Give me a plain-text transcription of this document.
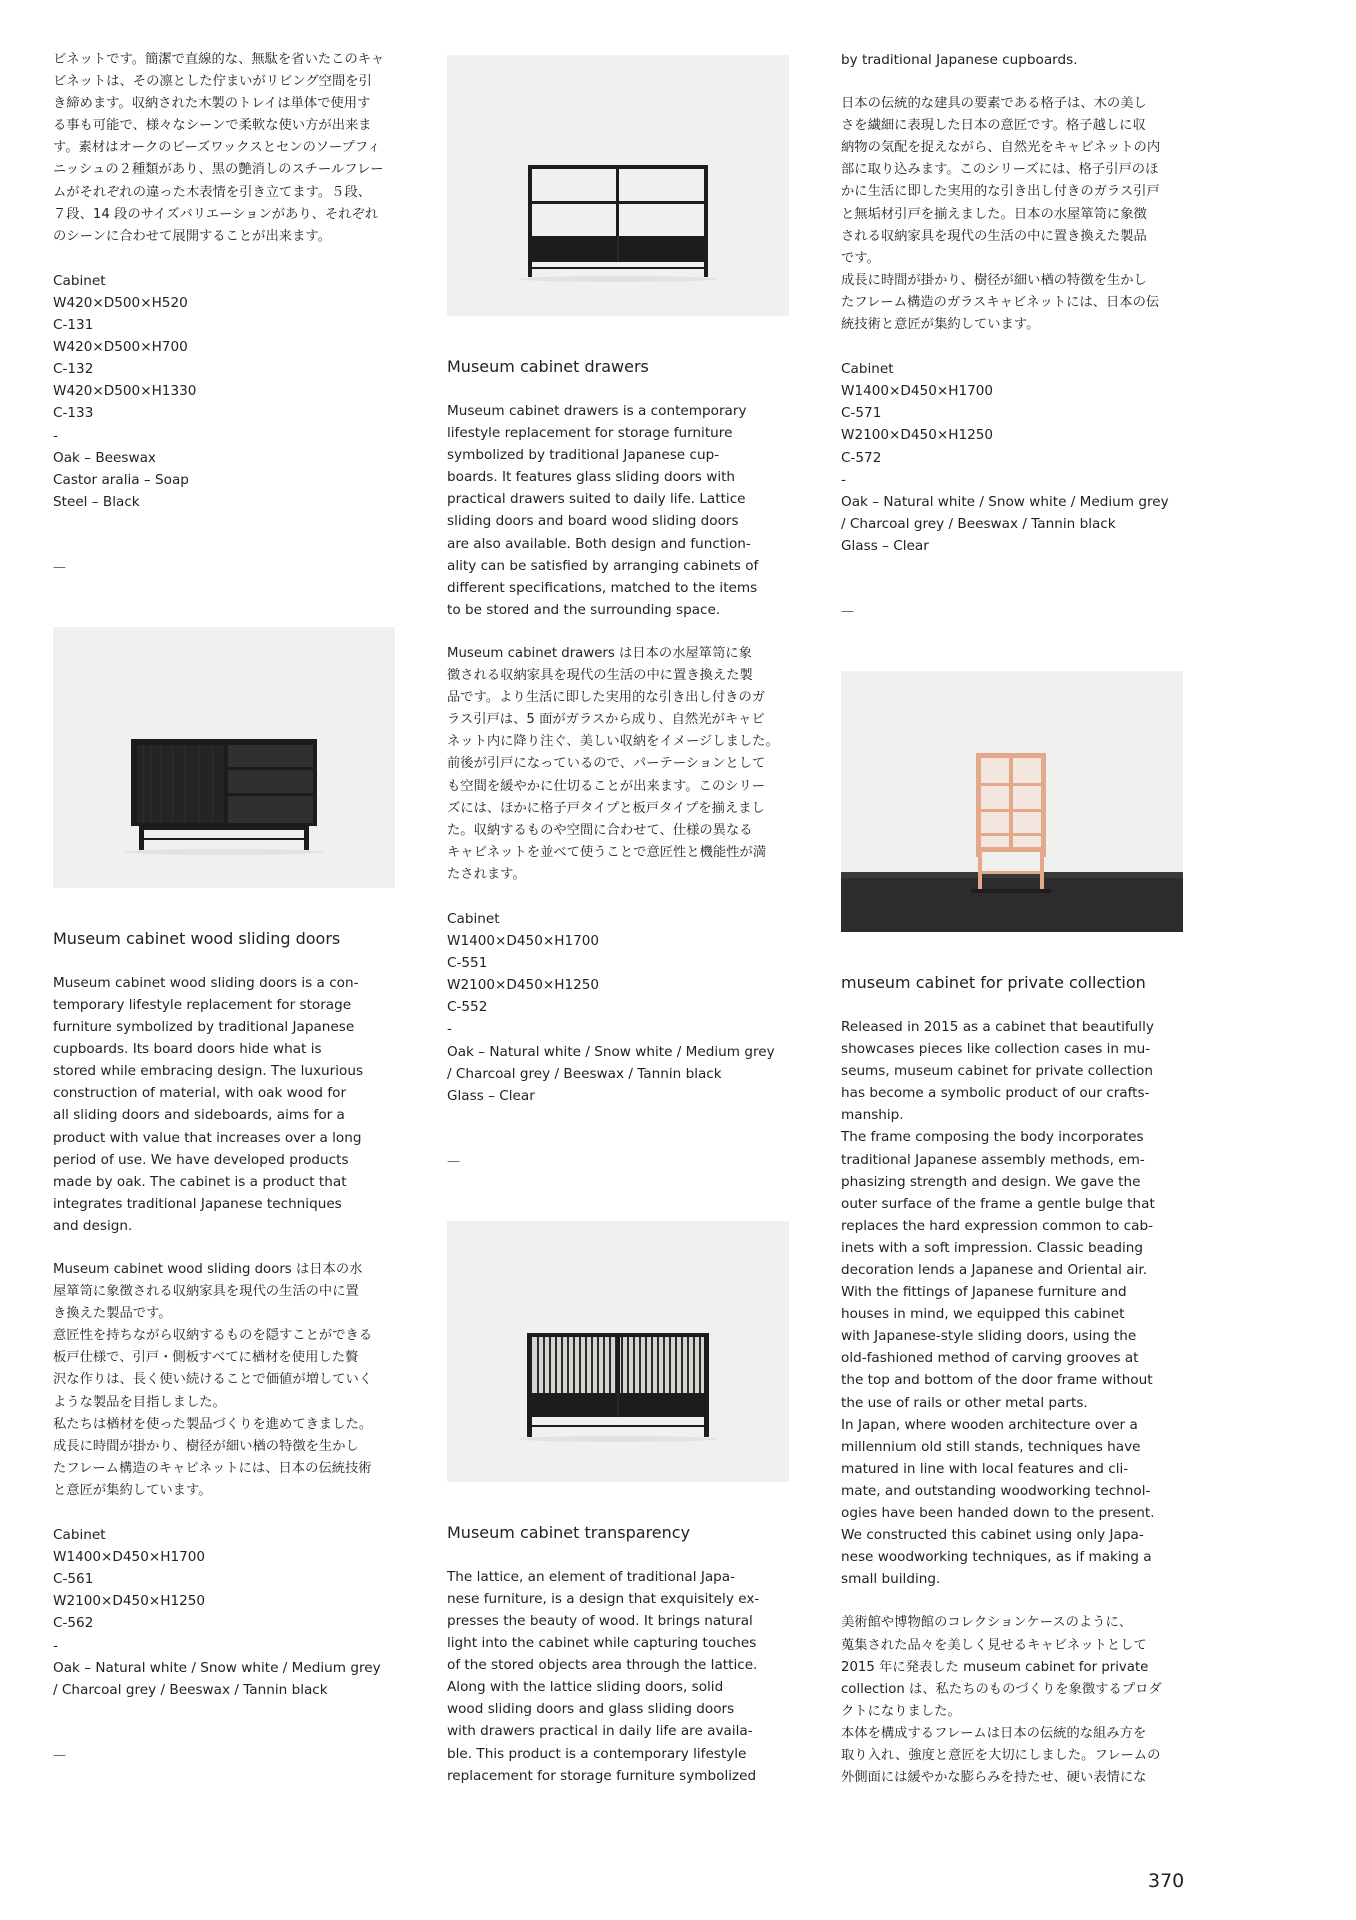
ビネットです。簡潔で直線的な、無駄を省いたこのキャ
ビネットは、その凛とした佇まいがリビング空間を引
き締めます。収納された木製のトレイは単体で使用す
る事も可能で、様々なシーンで柔軟な使い方が出来ま
す。素材はオークのビーズワックスとセンのソープフィ
ニッシュの２種類があり、黒の艶消しのスチールフレー
ムがそれぞれの違った木表情を引き立てます。５段、
７段、14 段のサイズバリエーションがあり、それぞれ
のシーンに合わせて展開することが出来ます。

Cabinet
W420×D500×H520
C-131
W420×D500×H700
C-132
W420×D500×H1330
C-133
-
Oak – Beeswax
Castor aralia – Soap
Steel – Black

—

Museum cabinet wood sliding doors

Museum cabinet wood sliding doors is a con-
temporary lifestyle replacement for storage
furniture symbolized by traditional Japanese
cupboards. Its board doors hide what is
stored while embracing design. The luxurious
construction of material, with oak wood for
all sliding doors and sideboards, aims for a
product with value that increases over a long
period of use. We have developed products
made by oak. The cabinet is a product that
integrates traditional Japanese techniques
and design.

Museum cabinet wood sliding doors は日本の水
屋箪笥に象徴される収納家具を現代の生活の中に置
き換えた製品です。
意匠性を持ちながら収納するものを隠すことができる
板戸仕様で、引戸・側板すべてに楢材を使用した贅
沢な作りは、長く使い続けることで価値が増していく
ような製品を目指しました。
私たちは楢材を使った製品づくりを進めてきました。
成長に時間が掛かり、樹径が細い楢の特徴を生かし
たフレーム構造のキャビネットには、日本の伝統技術
と意匠が集約しています。

Cabinet
W1400×D450×H1700
C-561
W2100×D450×H1250
C-562
-
Oak – Natural white / Snow white / Medium grey
/ Charcoal grey / Beeswax / Tannin black

—

Museum cabinet drawers

Museum cabinet drawers is a contemporary
lifestyle replacement for storage furniture
symbolized by traditional Japanese cup-
boards. It features glass sliding doors with
practical drawers suited to daily life. Lattice
sliding doors and board wood sliding doors
are also available. Both design and function-
ality can be satisfied by arranging cabinets of
different specifications, matched to the items
to be stored and the surrounding space.

Museum cabinet drawers は日本の水屋箪笥に象
徴される収納家具を現代の生活の中に置き換えた製
品です。より生活に即した実用的な引き出し付きのガ
ラス引戸は、5 面がガラスから成り、自然光がキャビ
ネット内に降り注ぐ、美しい収納をイメージしました。
前後が引戸になっているので、パーテーションとして
も空間を緩やかに仕切ることが出来ます。このシリー
ズには、ほかに格子戸タイプと板戸タイプを揃えまし
た。収納するものや空間に合わせて、仕様の異なる
キャビネットを並べて使うことで意匠性と機能性が満
たされます。

Cabinet
W1400×D450×H1700
C-551
W2100×D450×H1250
C-552
-
Oak – Natural white / Snow white / Medium grey
/ Charcoal grey / Beeswax / Tannin black
Glass – Clear

—

Museum cabinet transparency

The lattice, an element of traditional Japa-
nese furniture, is a design that exquisitely ex-
presses the beauty of wood. It brings natural
light into the cabinet while capturing touches
of the stored objects area through the lattice.
Along with the lattice sliding doors, solid
wood sliding doors and glass sliding doors
with drawers practical in daily life are availa-
ble. This product is a contemporary lifestyle
replacement for storage furniture symbolized

by traditional Japanese cupboards.

日本の伝統的な建具の要素である格子は、木の美し
さを繊細に表現した日本の意匠です。格子越しに収
納物の気配を捉えながら、自然光をキャビネットの内
部に取り込みます。このシリーズには、格子引戸のほ
かに生活に即した実用的な引き出し付きのガラス引戸
と無垢材引戸を揃えました。日本の水屋箪笥に象徴
される収納家具を現代の生活の中に置き換えた製品
です。
成長に時間が掛かり、樹径が細い楢の特徴を生かし
たフレーム構造のガラスキャビネットには、日本の伝
統技術と意匠が集約しています。

Cabinet
W1400×D450×H1700
C-571
W2100×D450×H1250
C-572
-
Oak – Natural white / Snow white / Medium grey
/ Charcoal grey / Beeswax / Tannin black
Glass – Clear

—

museum cabinet for private collection

Released in 2015 as a cabinet that beautifully
showcases pieces like collection cases in mu-
seums, museum cabinet for private collection
has become a symbolic product of our crafts-
manship.
The frame composing the body incorporates
traditional Japanese assembly methods, em-
phasizing strength and design. We gave the
outer surface of the frame a gentle bulge that
replaces the hard expression common to cab-
inets with a soft impression. Classic beading
decoration lends a Japanese and Oriental air.
With the fittings of Japanese furniture and
houses in mind, we equipped this cabinet
with Japanese-style sliding doors, using the
old-fashioned method of carving grooves at
the top and bottom of the door frame without
the use of rails or other metal parts.
In Japan, where wooden architecture over a
millennium old still stands, techniques have
matured in line with local features and cli-
mate, and outstanding woodworking technol-
ogies have been handed down to the present.
We constructed this cabinet using only Japa-
nese woodworking techniques, as if making a
small building.

美術館や博物館のコレクションケースのように、
蒐集された品々を美しく見せるキャビネットとして
2015 年に発表した museum cabinet for private
collection は、私たちのものづくりを象徴するプロダ
クトになりました。
本体を構成するフレームは日本の伝統的な組み方を
取り入れ、強度と意匠を大切にしました。フレームの
外側面には緩やかな膨らみを持たせ、硬い表情にな

370
